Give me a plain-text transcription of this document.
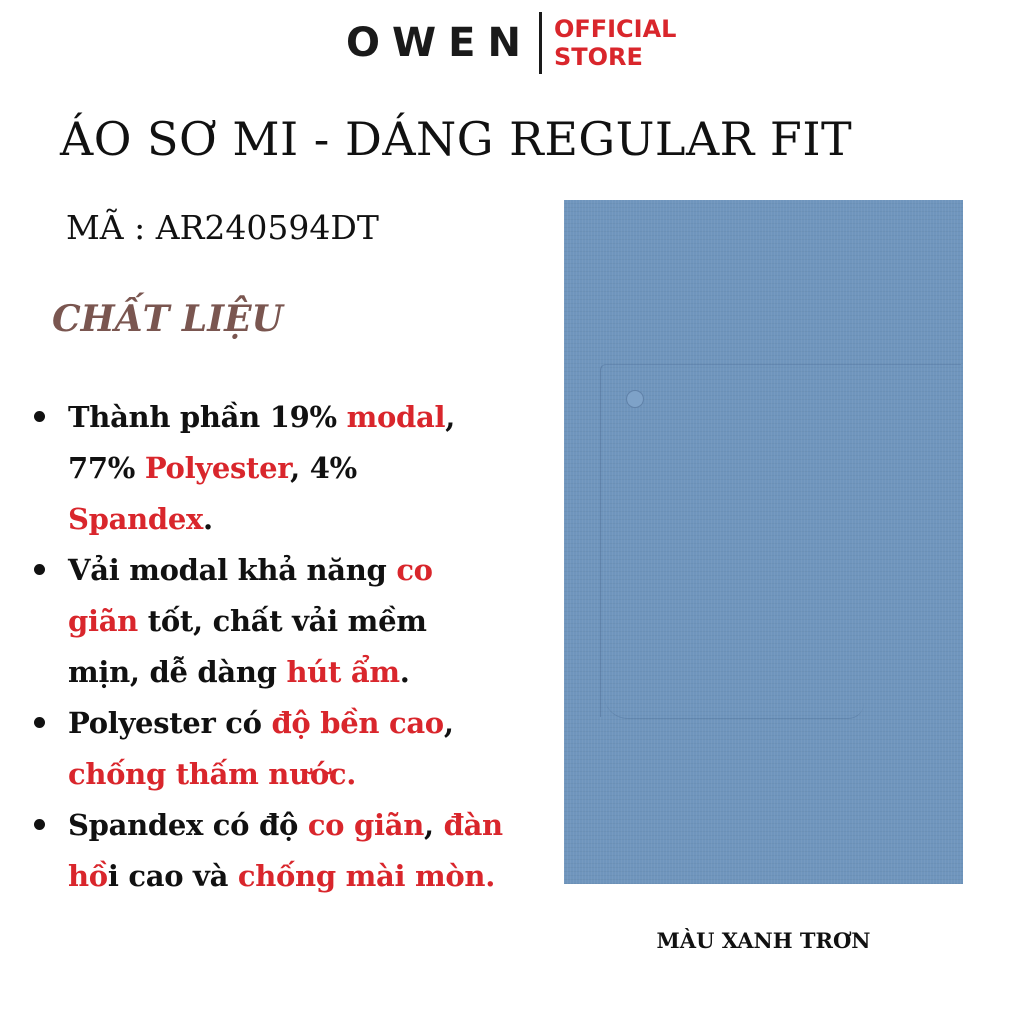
OWEN OFFICIAL
STORE
ÁO SƠ MI - DÁNG REGULAR FIT
MÃ : AR240594DT
CHẤT LIỆU
Thành phần 19% modal, 77% Polyester, 4% Spandex.
Vải modal khả năng co giãn tốt, chất vải mềm mịn, dễ dàng hút ẩm.
Polyester có độ bền cao, chống thấm nước.
Spandex có độ co giãn, đàn hồi cao và chống mài mòn.
MÀU XANH TRƠN
